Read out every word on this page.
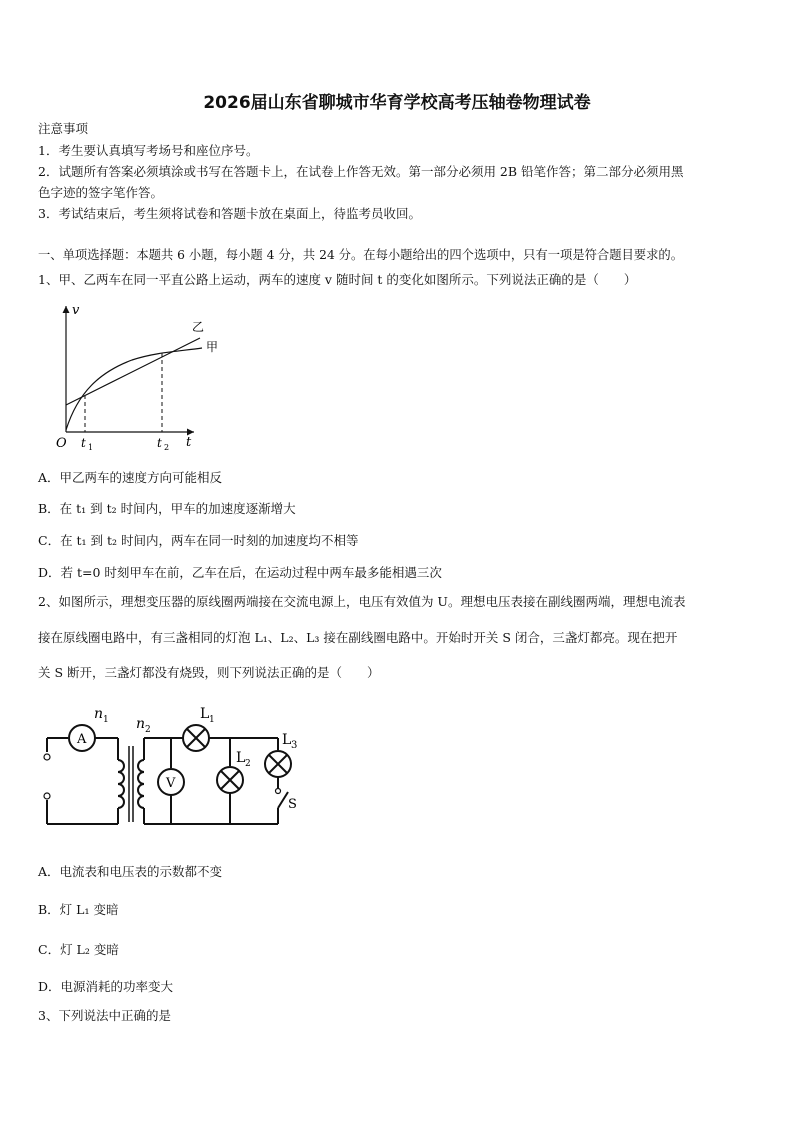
2026届山东省聊城市华育学校高考压轴卷物理试卷
注意事项
1．考生要认真填写考场号和座位序号。
2．试题所有答案必须填涂或书写在答题卡上，在试卷上作答无效。第一部分必须用 2B 铅笔作答；第二部分必须用黑
色字迹的签字笔作答。
3．考试结束后，考生须将试卷和答题卡放在桌面上，待监考员收回。
一、单项选择题：本题共 6 小题，每小题 4 分，共 24 分。在每小题给出的四个选项中，只有一项是符合题目要求的。
1、甲、乙两车在同一平直公路上运动，两车的速度 v 随时间 t 的变化如图所示。下列说法正确的是（　　）
v
t
O t 1	t 2
乙
甲
A．甲乙两车的速度方向可能相反
B．在 t₁ 到 t₂ 时间内，甲车的加速度逐渐增大
C．在 t₁ 到 t₂ 时间内，两车在同一时刻的加速度均不相等
D．若 t=0 时刻甲车在前，乙车在后，在运动过程中两车最多能相遇三次
2、如图所示，理想变压器的原线圈两端接在交流电源上，电压有效值为 U。理想电压表接在副线圈两端，理想电流表
接在原线圈电路中，有三盏相同的灯泡 L₁、L₂、L₃ 接在副线圈电路中。开始时开关 S 闭合，三盏灯都亮。现在把开
关 S 断开，三盏灯都没有烧毁，则下列说法正确的是（　　）
A
V
n 1 n 2
L 1
L 2
L 3
S
A．电流表和电压表的示数都不变
B．灯 L₁ 变暗
C．灯 L₂ 变暗
D．电源消耗的功率变大
3、下列说法中正确的是
